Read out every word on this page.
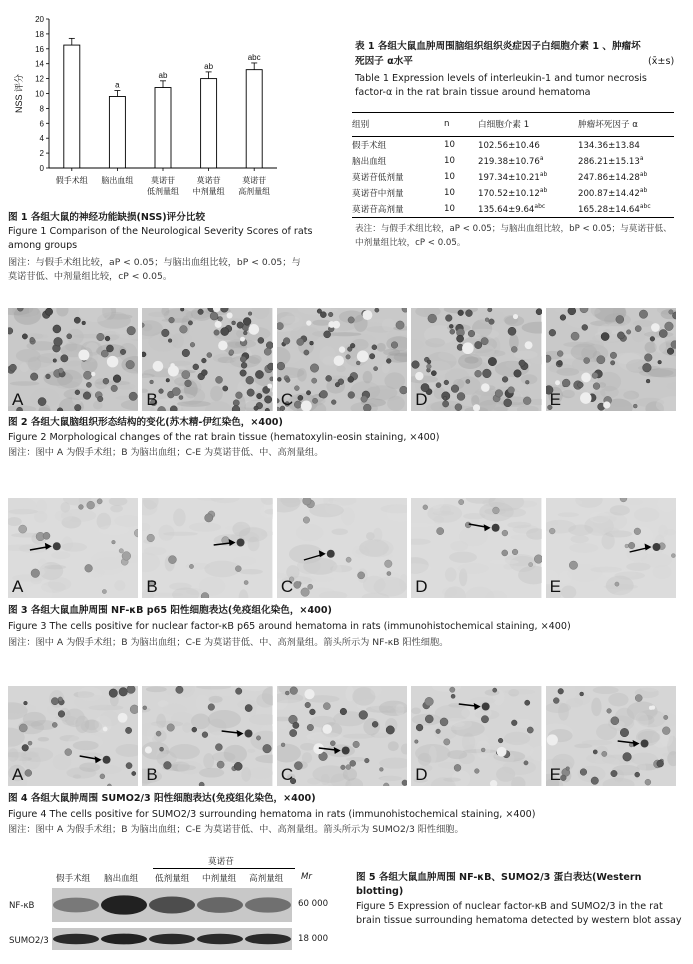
0
2
4
6
8
10
12
14
16
18
20
NSS 评分
假手术组
a
脑出血组
ab
莫诺苷
低剂量组
ab
莫诺苷
中剂量组
abc
莫诺苷
高剂量组
图 1 各组大鼠的神经功能缺损(NSS)评分比较
Figure 1 Comparison of the Neurological Severity Scores of rats
among groups
图注：与假手术组比较，aP < 0.05；与脑出血组比较，bP < 0.05；与
莫诺苷低、中剂量组比较，cP < 0.05。
表 1 各组大鼠血肿周围脑组织组织炎症因子白细胞介素 1 、肿瘤坏
死因子 α水平	(x̄±s)
Table 1 Expression levels of interleukin-1 and tumor necrosis
factor-α in the rat brain tissue around hematoma
组别	n	白细胞介素 1	肿瘤坏死因子 α
假手术组	10	102.56±10.46	134.36±13.84
脑出血组	10	219.38±10.76$^a$	286.21±15.13$^a$
莫诺苷低剂量	10	197.34±10.21$^{ab}$	247.86±14.28$^{ab}$
莫诺苷中剂量	10	170.52±10.12$^{ab}$	200.87±14.42$^{ab}$
莫诺苷高剂量	10	135.64±9.64$^{abc}$	165.28±14.64$^{abc}$
表注：与假手术组比较，aP < 0.05；与脑出血组比较，bP < 0.05；与莫诺苷低、
中剂量组比较，cP < 0.05。
A	B	C	D	E
图 2 各组大鼠脑组织形态结构的变化(苏木精-伊红染色，×400)
Figure 2 Morphological changes of the rat brain tissue (hematoxylin-eosin staining, ×400)
图注：图中 A 为假手术组；B 为脑出血组；C-E 为莫诺苷低、中、高剂量组。
A	B	C	D	E
图 3 各组大鼠血肿周围 NF-κB p65 阳性细胞表达(免疫组化染色，×400)
Figure 3 The cells positive for nuclear factor-κB p65 around hematoma in rats (immunohistochemical staining, ×400)
图注：图中 A 为假手术组；B 为脑出血组；C-E 为莫诺苷低、中、高剂量组。箭头所示为 NF-κB 阳性细胞。
A	B	C	D	E
图 4 各组大鼠肿周围 SUMO2/3 阳性细胞表达(免疫组化染色，×400)
Figure 4 The cells positive for SUMO2/3 surrounding hematoma in rats (immunohistochemical staining, ×400)
图注：图中 A 为假手术组；B 为脑出血组；C-E 为莫诺苷低、中、高剂量组。箭头所示为 SUMO2/3 阳性细胞。
莫诺苷
假手术组 脑出血组 低剂量组 中剂量组 高剂量组 Mr
NF-κB	60 000
SUMO2/3	18 000
图 5 各组大鼠血肿周围 NF-κB、SUMO2/3 蛋白表达(Western
blotting)
Figure 5 Expression of nuclear factor-κB and SUMO2/3 in the rat
brain tissue surrounding hematoma detected by western blot assay
